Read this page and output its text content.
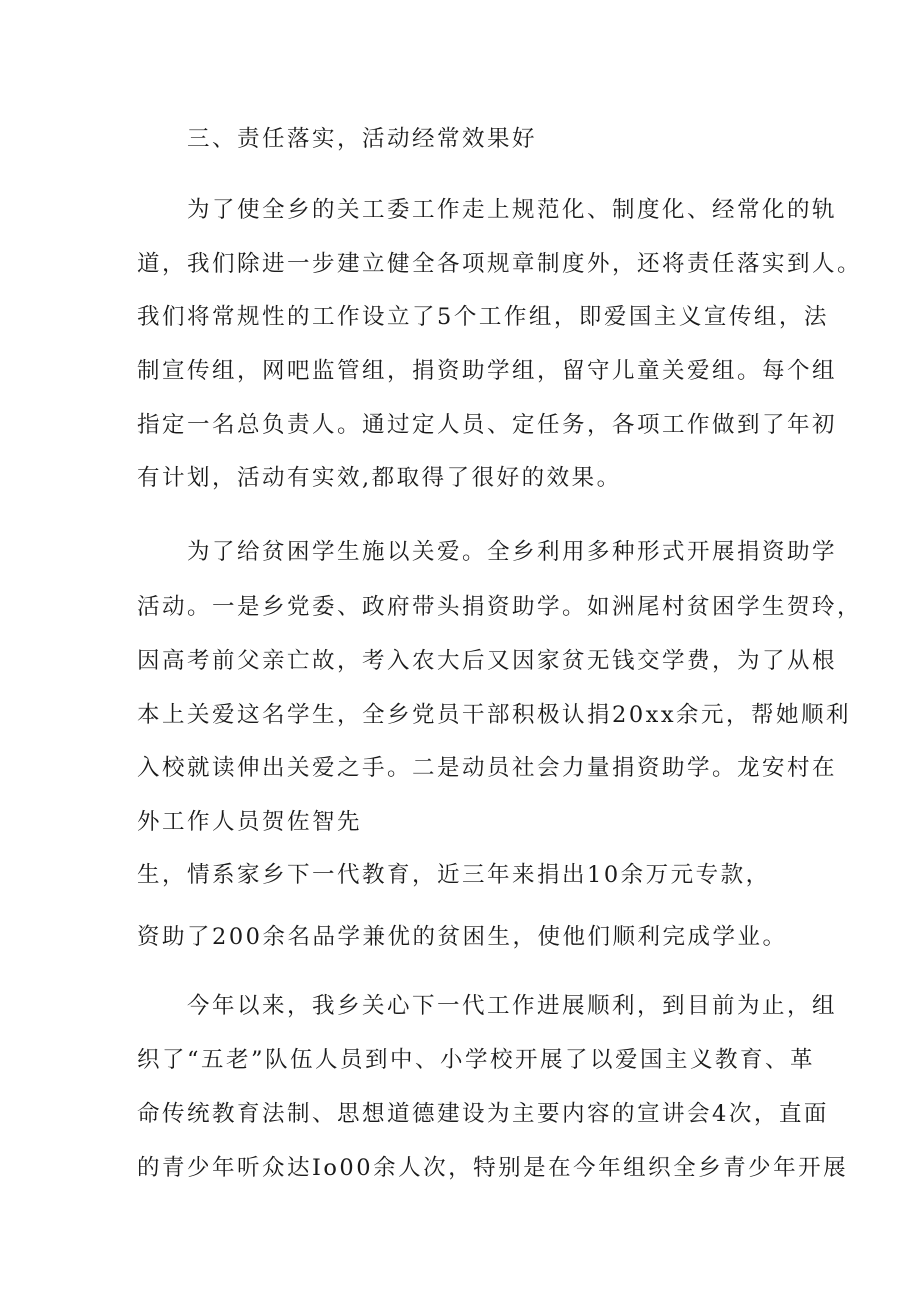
三、责任落实，活动经常效果好
为了使全乡的关工委工作走上规范化、制度化、经常化的轨
道，我们除进一步建立健全各项规章制度外，还将责任落实到人。
我们将常规性的工作设立了5个工作组，即爱国主义宣传组，法
制宣传组，网吧监管组，捐资助学组，留守儿童关爱组。每个组
指定一名总负责人。通过定人员、定任务，各项工作做到了年初
有计划，活动有实效,都取得了很好的效果。
为了给贫困学生施以关爱。全乡利用多种形式开展捐资助学
活动。一是乡党委、政府带头捐资助学。如洲尾村贫困学生贺玲，
因高考前父亲亡故，考入农大后又因家贫无钱交学费，为了从根
本上关爱这名学生，全乡党员干部积极认捐20xx余元，帮她顺利
入校就读伸出关爱之手。二是动员社会力量捐资助学。龙安村在
外工作人员贺佐智先
生，情系家乡下一代教育，近三年来捐出10余万元专款，
资助了200余名品学兼优的贫困生，使他们顺利完成学业。
今年以来，我乡关心下一代工作进展顺利，到目前为止，组
织了“五老”队伍人员到中、小学校开展了以爱国主义教育、革
命传统教育法制、思想道德建设为主要内容的宣讲会4次，直面
的青少年听众达Io00余人次，特别是在今年组织全乡青少年开展
